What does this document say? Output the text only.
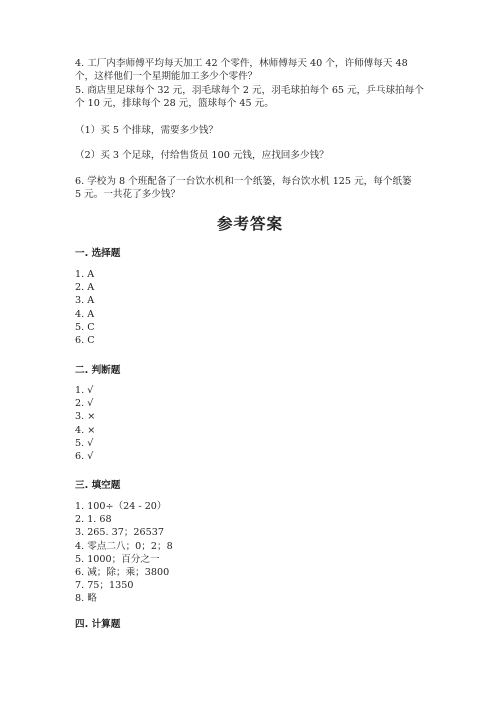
4. 工厂内李师傅平均每天加工 42 个零件，林师傅每天 40 个，许师傅每天 48
个，这样他们一个星期能加工多少个零件？
5. 商店里足球每个 32 元，羽毛球每个 2 元，羽毛球拍每个 65 元，乒乓球拍每个
个 10 元，排球每个 28 元，篮球每个 45 元。
（1）买 5 个排球，需要多少钱？
（2）买 3 个足球，付给售货员 100 元钱，应找回多少钱？
6. 学校为 8 个班配备了一台饮水机和一个纸篓，每台饮水机 125 元，每个纸篓
5 元。一共花了多少钱？
参考答案
一. 选择题
1. A
2. A
3. A
4. A
5. C
6. C
二. 判断题
1. √
2. √
3. ×
4. ×
5. √
6. √
三. 填空题
1. 100÷（24 - 20）
2. 1. 68
3. 265. 37；26537
4. 零点二八；0；2；8
5. 1000；百分之一
6. 减；除；乘；3800
7. 75；1350
8. 略
四. 计算题
